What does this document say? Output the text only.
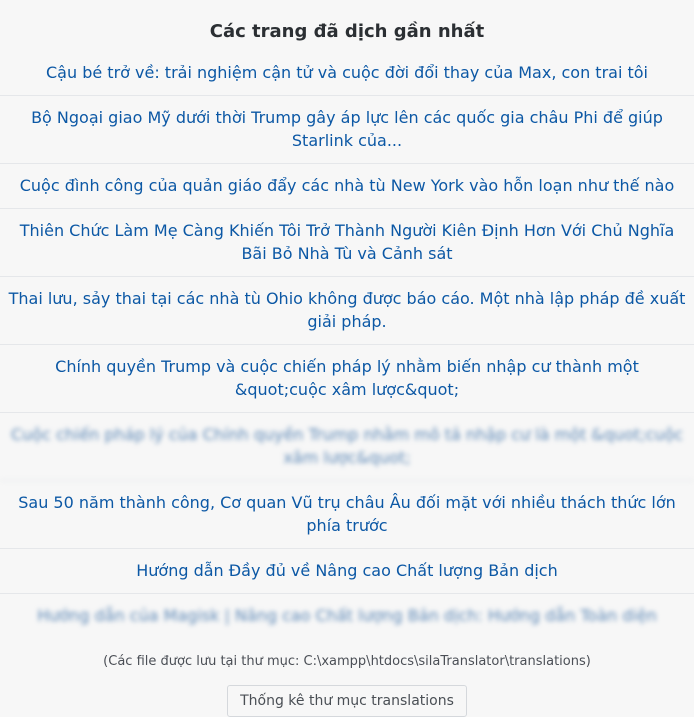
Các trang đã dịch gần nhất
Cậu bé trở về: trải nghiệm cận tử và cuộc đời đổi thay của Max, con trai tôi
Bộ Ngoại giao Mỹ dưới thời Trump gây áp lực lên các quốc gia châu Phi để giúp Starlink của...
Cuộc đình công của quản giáo đẩy các nhà tù New York vào hỗn loạn như thế nào
Thiên Chức Làm Mẹ Càng Khiến Tôi Trở Thành Người Kiên Định Hơn Với Chủ Nghĩa Bãi Bỏ Nhà Tù và Cảnh sát
Thai lưu, sảy thai tại các nhà tù Ohio không được báo cáo. Một nhà lập pháp đề xuất giải pháp.
Chính quyền Trump và cuộc chiến pháp lý nhằm biến nhập cư thành một &quot;cuộc xâm lược&quot;
Cuộc chiến pháp lý của Chính quyền Trump nhằm mô tả nhập cư là một &quot;cuộc xâm lược&quot;
Sau 50 năm thành công, Cơ quan Vũ trụ châu Âu đối mặt với nhiều thách thức lớn phía trước
Hướng dẫn Đầy đủ về Nâng cao Chất lượng Bản dịch
Hướng dẫn của Magisk | Nâng cao Chất lượng Bản dịch: Hướng dẫn Toàn diện
(Các file được lưu tại thư mục: C:\xampp\htdocs\silaTranslator\translations)
Thống kê thư mục translations
